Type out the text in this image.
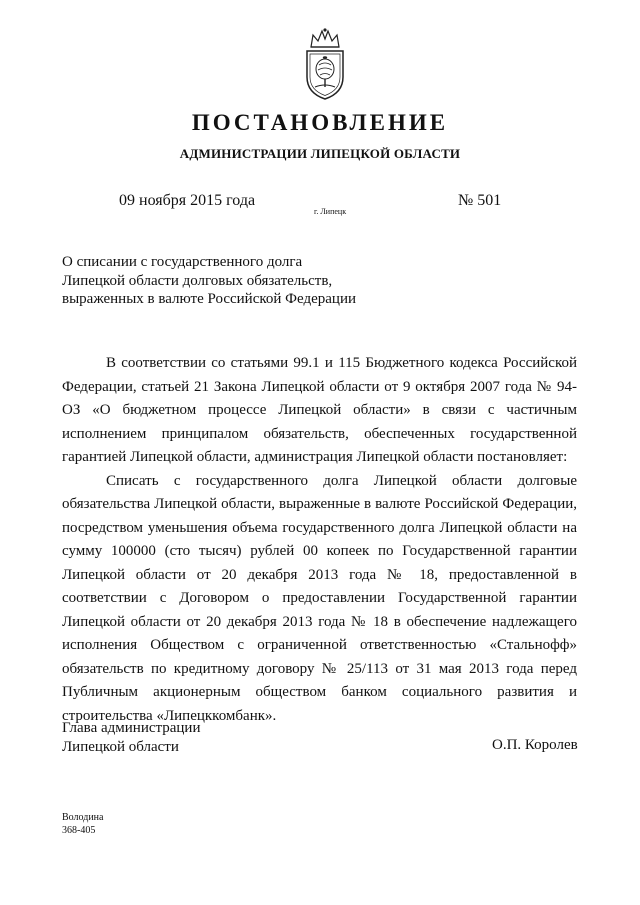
ПОСТАНОВЛЕНИЕ
АДМИНИСТРАЦИИ ЛИПЕЦКОЙ ОБЛАСТИ
09 ноября 2015 года
г. Липецк
№ 501
О списании с государственного долга
Липецкой области долговых обязательств,
выраженных в валюте Российской Федерации

В соответствии со статьями 99.1 и 115 Бюджетного кодекса Российской Федерации, статьей 21 Закона Липецкой области от 9 октября 2007 года № 94-ОЗ «О бюджетном процессе Липецкой области» в связи с частичным исполнением принципалом обязательств, обеспеченных государственной гарантией Липецкой области, администрация Липецкой области постановляет:

Списать с государственного долга Липецкой области долговые обязательства Липецкой области, выраженные в валюте Российской Федерации, посредством уменьшения объема государственного долга Липецкой области на сумму 100000 (сто тысяч) рублей 00 копеек по Государственной гарантии Липецкой области от 20 декабря 2013 года № 18, предоставленной в соответствии с Договором о предоставлении Государственной гарантии Липецкой области от 20 декабря 2013 года № 18 в обеспечение надлежащего исполнения Обществом с ограниченной ответственностью «Стальнофф» обязательств по кредитному договору № 25/113 от 31 мая 2013 года перед Публичным акционерным обществом банком социального развития и строительства «Липецккомбанк».

Глава администрации
Липецкой области	О.П. Королев
Володина
368-405
